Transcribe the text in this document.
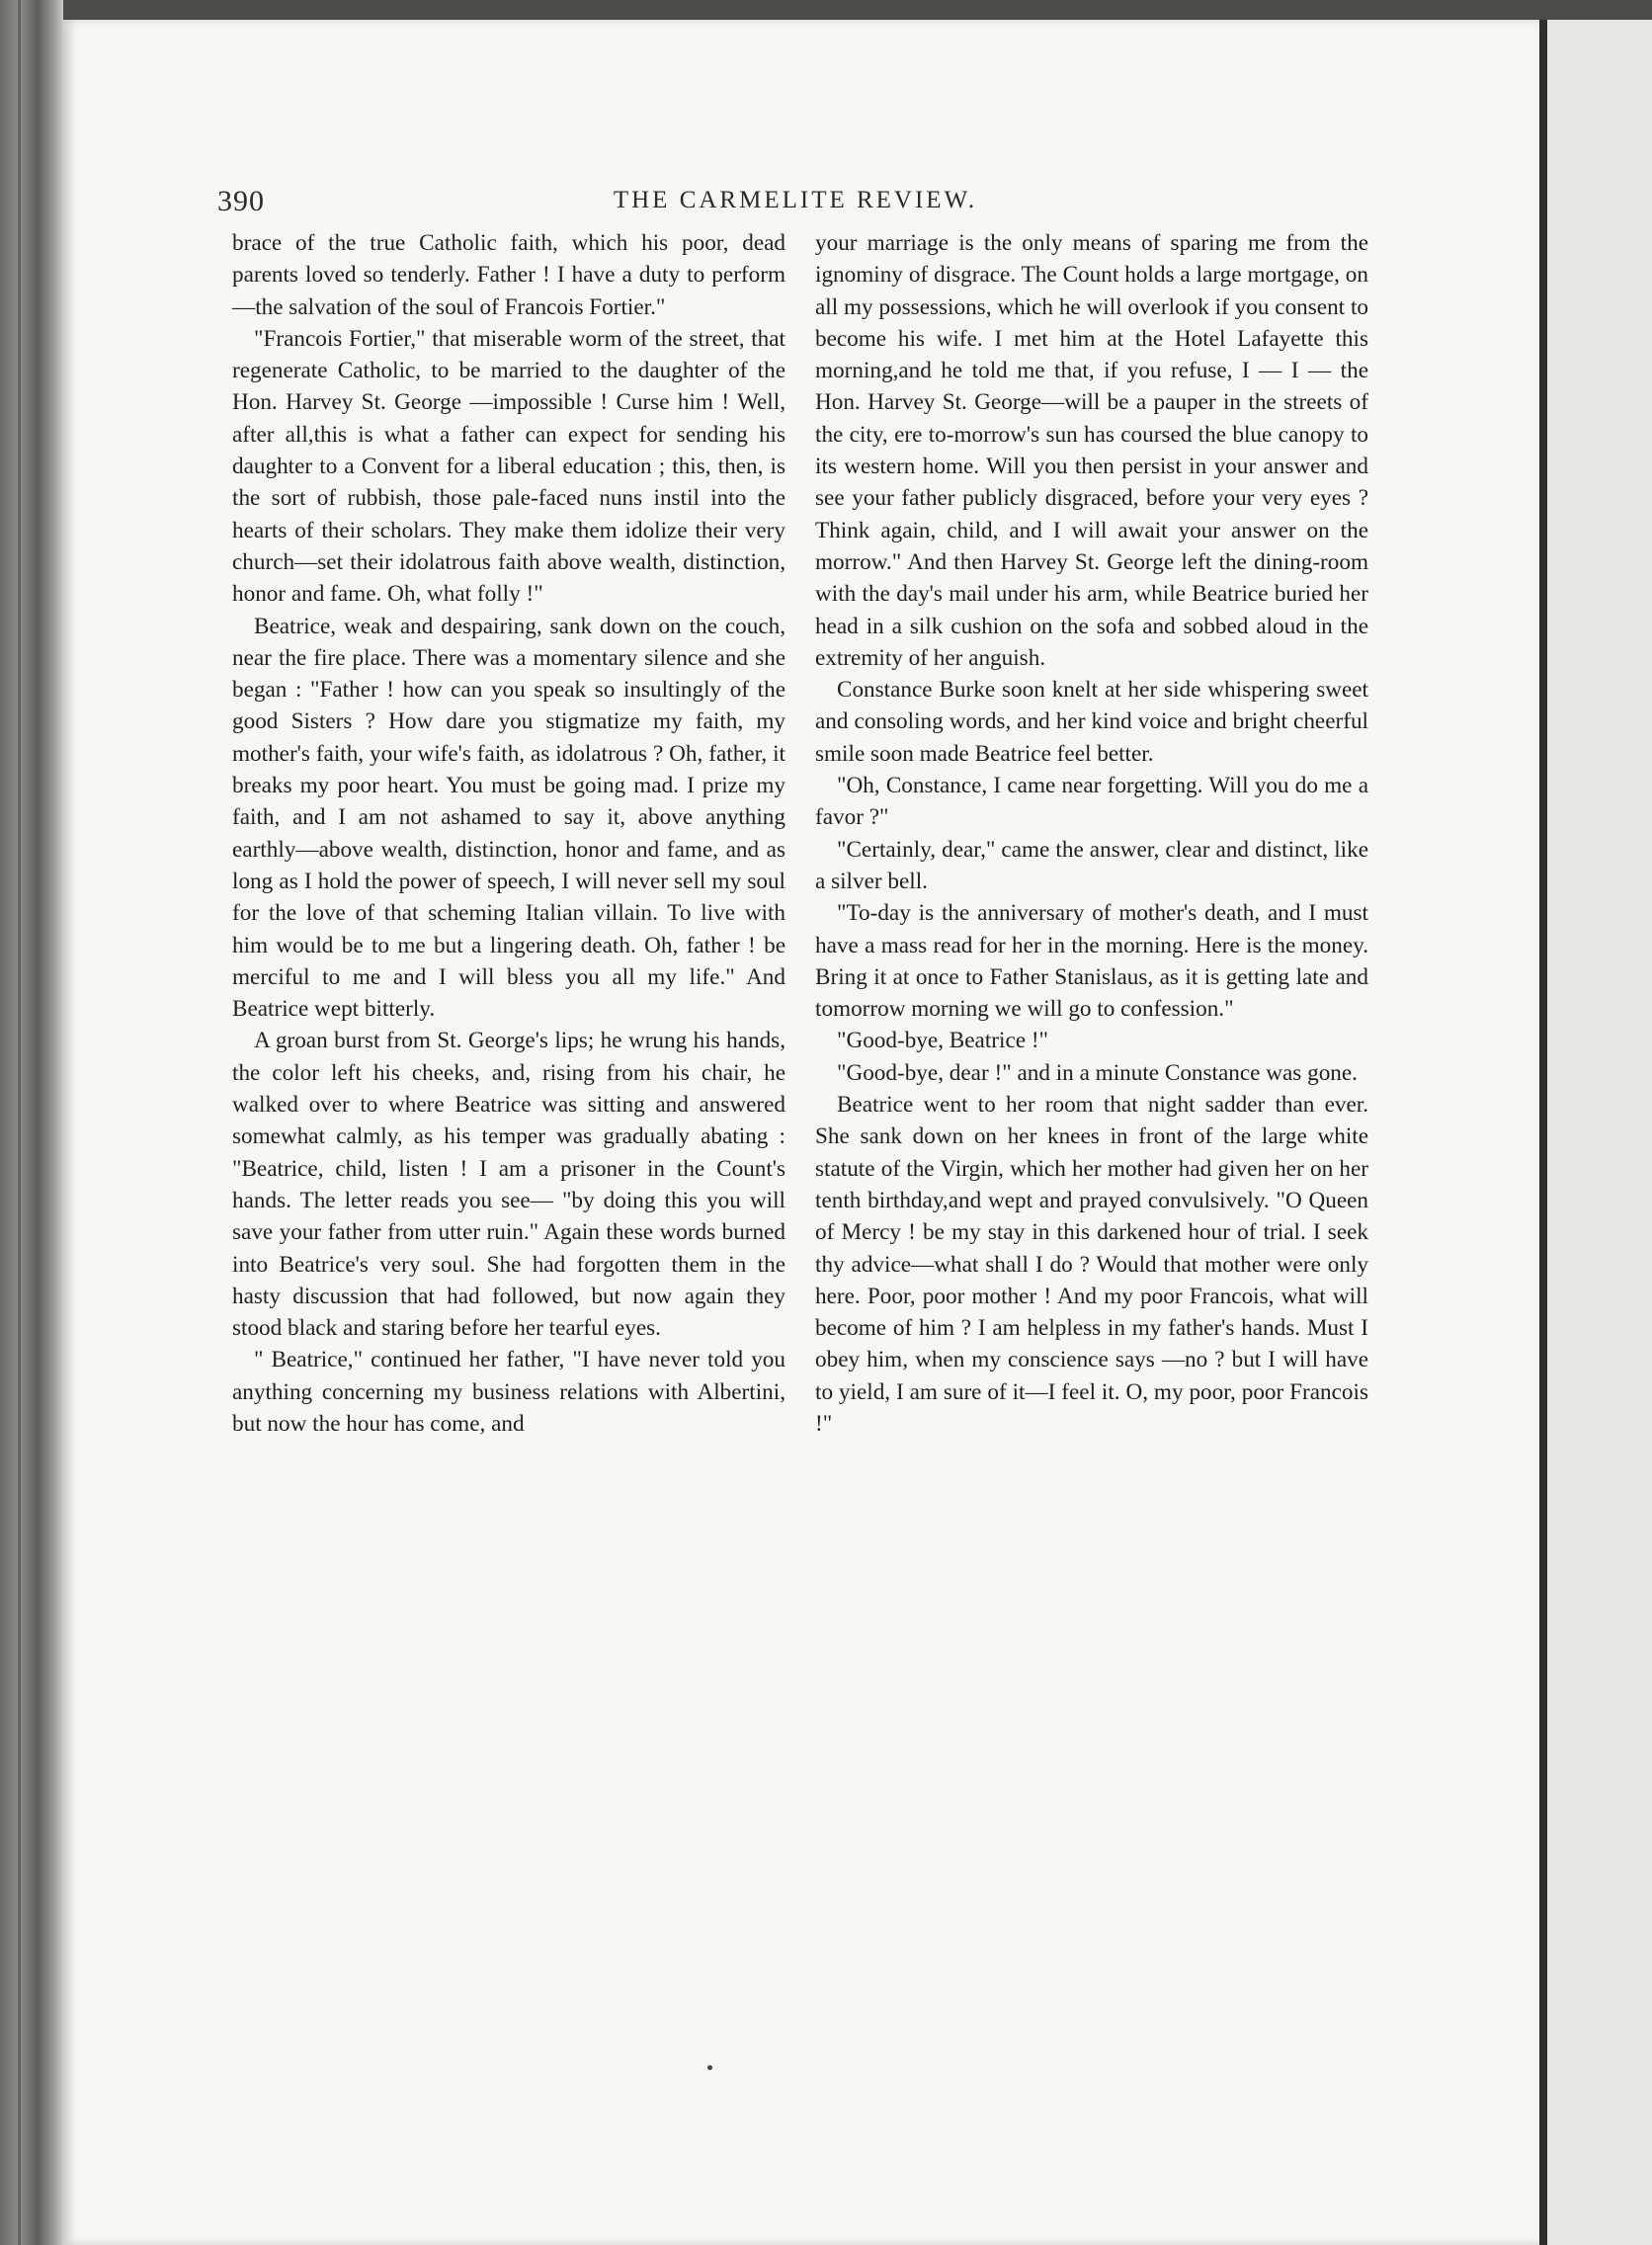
390	THE CARMELITE REVIEW.

brace of the true Catholic faith, which his poor, dead parents loved so tenderly. Father ! I have a duty to perform —the salvation of the soul of Francois Fortier."

"Francois Fortier," that miserable worm of the street, that regenerate Catholic, to be married to the daughter of the Hon. Harvey St. George —impossible ! Curse him ! Well, after all,this is what a father can expect for sending his daughter to a Convent for a liberal education ; this, then, is the sort of rubbish, those pale-faced nuns instil into the hearts of their scholars. They make them idolize their very church—set their idolatrous faith above wealth, distinction, honor and fame. Oh, what folly !"

Beatrice, weak and despairing, sank down on the couch, near the fire place. There was a momentary silence and she began : "Father ! how can you speak so insultingly of the good Sisters ? How dare you stigmatize my faith, my mother's faith, your wife's faith, as idolatrous ? Oh, father, it breaks my poor heart. You must be going mad. I prize my faith, and I am not ashamed to say it, above anything earthly—above wealth, distinction, honor and fame, and as long as I hold the power of speech, I will never sell my soul for the love of that scheming Italian villain. To live with him would be to me but a lingering death. Oh, father ! be merciful to me and I will bless you all my life." And Beatrice wept bitterly.

A groan burst from St. George's lips; he wrung his hands, the color left his cheeks, and, rising from his chair, he walked over to where Beatrice was sitting and answered somewhat calmly, as his temper was gradually abating : "Beatrice, child, listen ! I am a prisoner in the Count's hands. The letter reads you see— "by doing this you will save your father from utter ruin." Again these words burned into Beatrice's very soul. She had forgotten them in the hasty discussion that had followed, but now again they stood black and staring before her tearful eyes.

" Beatrice," continued her father, "I have never told you anything concerning my business relations with Albertini, but now the hour has come, and

your marriage is the only means of sparing me from the ignominy of disgrace. The Count holds a large mortgage, on all my possessions, which he will overlook if you consent to become his wife. I met him at the Hotel Lafayette this morning,and he told me that, if you refuse, I — I — the Hon. Harvey St. George—will be a pauper in the streets of the city, ere to-morrow's sun has coursed the blue canopy to its western home. Will you then persist in your answer and see your father publicly disgraced, before your very eyes ? Think again, child, and I will await your answer on the morrow." And then Harvey St. George left the dining-room with the day's mail under his arm, while Beatrice buried her head in a silk cushion on the sofa and sobbed aloud in the extremity of her anguish.

Constance Burke soon knelt at her side whispering sweet and consoling words, and her kind voice and bright cheerful smile soon made Beatrice feel better.

"Oh, Constance, I came near forgetting. Will you do me a favor ?"

"Certainly, dear," came the answer, clear and distinct, like a silver bell.

"To-day is the anniversary of mother's death, and I must have a mass read for her in the morning. Here is the money. Bring it at once to Father Stanislaus, as it is getting late and tomorrow morning we will go to confession."

"Good-bye, Beatrice !"

"Good-bye, dear !" and in a minute Constance was gone.

Beatrice went to her room that night sadder than ever. She sank down on her knees in front of the large white statute of the Virgin, which her mother had given her on her tenth birthday,and wept and prayed convulsively. "O Queen of Mercy ! be my stay in this darkened hour of trial. I seek thy advice—what shall I do ? Would that mother were only here. Poor, poor mother ! And my poor Francois, what will become of him ? I am helpless in my father's hands. Must I obey him, when my conscience says —no ? but I will have to yield, I am sure of it—I feel it. O, my poor, poor Francois !"
